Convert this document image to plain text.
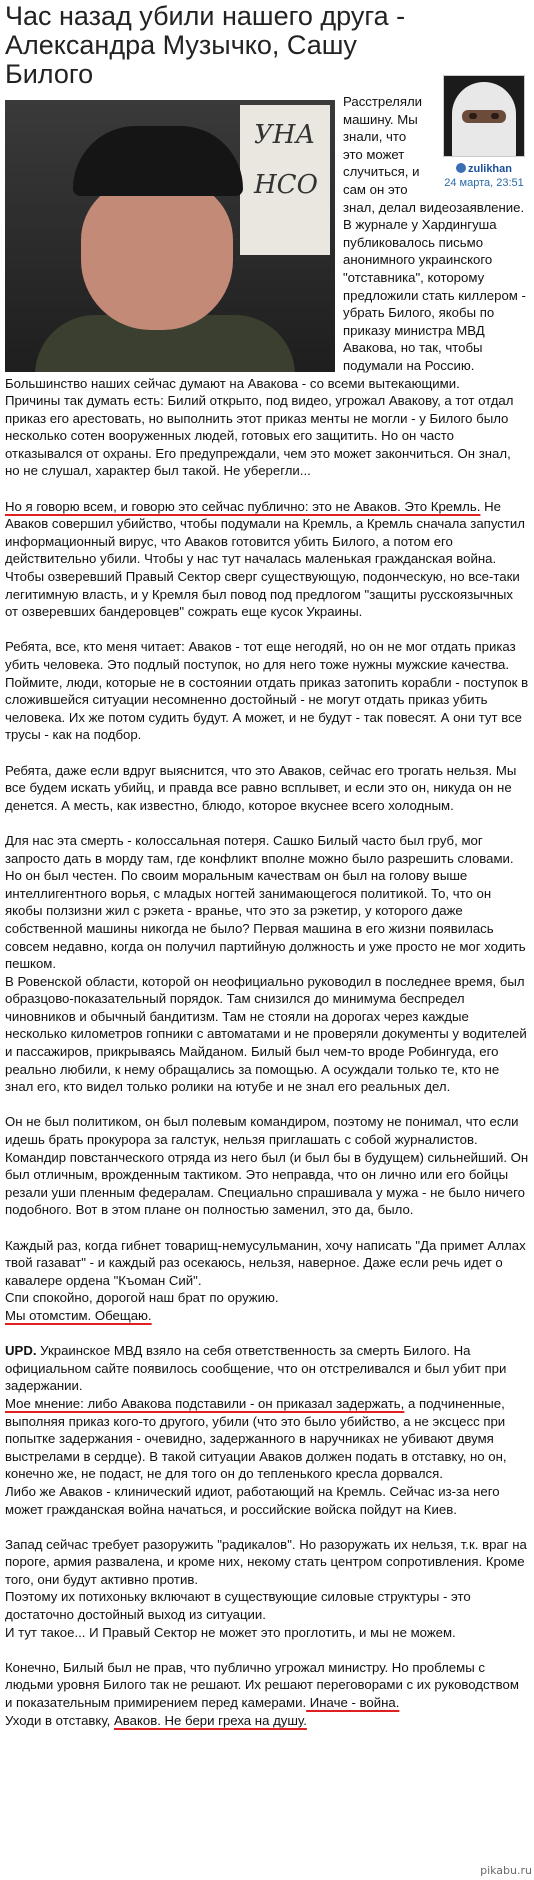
Час назад убили нашего друга - Александра Музычко, Сашу Билого
УНА
НСО
zulikhan
24 марта, 23:51
Расстреляли машину. Мы знали, что это может случиться, и сам он это знал, делал видеозаявление. В журнале у Хардингуша публиковалось письмо анонимного украинского "отставника", которому предложили стать киллером - убрать Билого, якобы по приказу министра МВД Авакова, но так, чтобы подумали на Россию. Большинство наших сейчас думают на Авакова - со всеми вытекающими.
Причины так думать есть: Билий открыто, под видео, угрожал Авакову, а тот отдал приказ его арестовать, но выполнить этот приказ менты не могли - у Билого было несколько сотен вооруженных людей, готовых его защитить. Но он часто отказывался от охраны. Его предупреждали, чем это может закончиться. Он знал, но не слушал, характер был такой. Не уберегли...
Но я говорю всем, и говорю это сейчас публично: это не Аваков. Это Кремль. Не Аваков совершил убийство, чтобы подумали на Кремль, а Кремль сначала запустил информационный вирус, что Аваков готовится убить Билого, а потом его действительно убили. Чтобы у нас тут началась маленькая гражданская война. Чтобы озверевший Правый Сектор сверг существующую, подонческую, но все-таки легитимную власть, и у Кремля был повод под предлогом "защиты русскоязычных от озверевших бандеровцев" сожрать еще кусок Украины.
Ребята, все, кто меня читает: Аваков - тот еще негодяй, но он не мог отдать приказ убить человека. Это подлый поступок, но для него тоже нужны мужские качества. Поймите, люди, которые не в состоянии отдать приказ затопить корабли - поступок в сложившейся ситуации несомненно достойный - не могут отдать приказ убить человека. Их же потом судить будут. А может, и не будут - так повесят. А они тут все трусы - как на подбор.
Ребята, даже если вдруг выяснится, что это Аваков, сейчас его трогать нельзя. Мы все будем искать убийц, и правда все равно всплывет, и если это он, никуда он не денется. А месть, как известно, блюдо, которое вкуснее всего холодным.
Для нас эта смерть - колоссальная потеря. Сашко Билый часто был груб, мог запросто дать в морду там, где конфликт вполне можно было разрешить словами. Но он был честен. По своим моральным качествам он был на голову выше интеллигентного ворья, с младых ногтей занимающегося политикой. То, что он якобы ползизни жил с рэкета - вранье, что это за рэкетир, у которого даже собственной машины никогда не было? Первая машина в его жизни появилась совсем недавно, когда он получил партийную должность и уже просто не мог ходить пешком.
В Ровенской области, которой он неофициально руководил в последнее время, был образцово-показательный порядок. Там снизился до минимума беспредел чиновников и обычный бандитизм. Там не стояли на дорогах через каждые несколько километров гопники с автоматами и не проверяли документы у водителей и пассажиров, прикрываясь Майданом. Билый был чем-то вроде Робингуда, его реально любили, к нему обращались за помощью. А осуждали только те, кто не знал его, кто видел только ролики на ютубе и не знал его реальных дел.
Он не был политиком, он был полевым командиром, поэтому не понимал, что если идешь брать прокурора за галстук, нельзя приглашать с собой журналистов. Командир повстанческого отряда из него был (и был бы в будущем) сильнейший. Он был отличным, врожденным тактиком. Это неправда, что он лично или его бойцы резали уши пленным федералам. Специально спрашивала у мужа - не было ничего подобного. Вот в этом плане он полностью заменил, это да, было.
Каждый раз, когда гибнет товарищ-немусульманин, хочу написать "Да примет Аллах твой газават" - и каждый раз осекаюсь, нельзя, наверное. Даже если речь идет о кавалере ордена "Къоман Сий".
Спи спокойно, дорогой наш брат по оружию.
Мы отомстим. Обещаю.
UPD. Украинское МВД взяло на себя ответственность за смерть Билого. На официальном сайте появилось сообщение, что он отстреливался и был убит при задержании.
Мое мнение: либо Авакова подставили - он приказал задержать, а подчиненные, выполняя приказ кого-то другого, убили (что это было убийство, а не эксцесс при попытке задержания - очевидно, задержанного в наручниках не убивают двумя выстрелами в сердце). В такой ситуации Аваков должен подать в отставку, но он, конечно же, не подаст, не для того он до тепленького кресла дорвался.
Либо же Аваков - клинический идиот, работающий на Кремль. Сейчас из-за него может гражданская война начаться, и российские войска пойдут на Киев.
Запад сейчас требует разоружить "радикалов". Но разоружать их нельзя, т.к. враг на пороге, армия развалена, и кроме них, некому стать центром сопротивления. Кроме того, они будут активно против.
Поэтому их потихоньку включают в существующие силовые структуры - это достаточно достойный выход из ситуации.
И тут такое... И Правый Сектор не может это проглотить, и мы не можем.
Конечно, Билый был не прав, что публично угрожал министру. Но проблемы с людьми уровня Билого так не решают. Их решают переговорами с их руководством и показательным примирением перед камерами. Иначе - война.
Уходи в отставку, Аваков. Не бери греха на душу.
pikabu.ru
